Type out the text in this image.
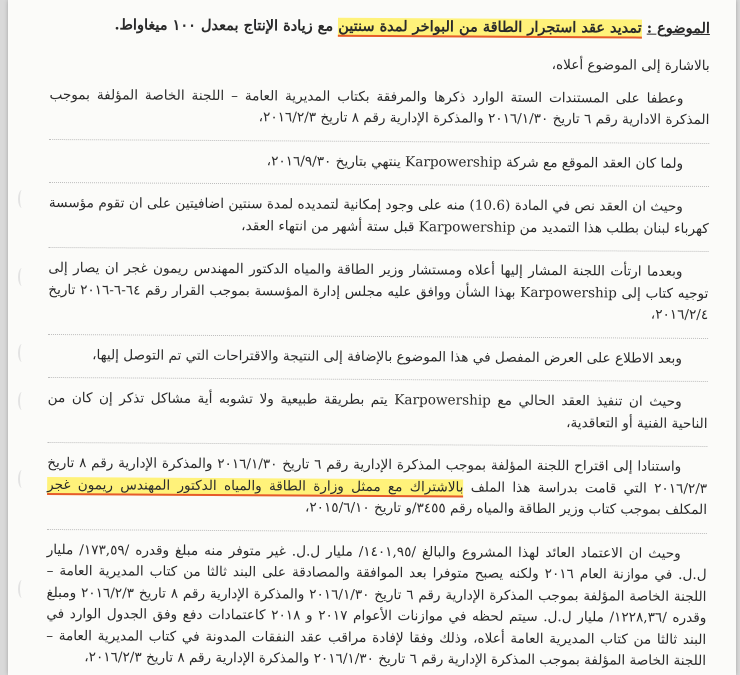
الموضوع : تمديد عقد استجرار الطاقة من البواخر لمدة سنتين مع زيادة الإنتاج بمعدل ١٠٠ ميغاواط.

بالاشارة إلى الموضوع أعلاه،

وعطفا على المستندات الستة الوارد ذكرها والمرفقة بكتاب المديرية العامة – اللجنة الخاصة المؤلفة بموجب المذكرة الادارية رقم ٦ تاريخ ٢٠١٦/١/٣٠ والمذكرة الإدارية رقم ٨ تاريخ ٢٠١٦/٢/٣،

ولما كان العقد الموقع مع شركة Karpowership ينتهي بتاريخ ٢٠١٦/٩/٣٠،

وحيث ان العقد نص في المادة (10.6) منه على وجود إمكانية لتمديده لمدة سنتين اضافيتين على ان تقوم مؤسسة كهرباء لبنان بطلب هذا التمديد من Karpowership قبل ستة أشهر من انتهاء العقد،

وبعدما ارتأت اللجنة المشار إليها أعلاه ومستشار وزير الطاقة والمياه الدكتور المهندس ريمون غجر ان يصار إلى توجيه كتاب إلى Karpowership بهذا الشأن ووافق عليه مجلس إدارة المؤسسة بموجب القرار رقم ٦٤-٦-٢٠١٦ تاريخ ٢٠١٦/٢/٤،

وبعد الاطلاع على العرض المفصل في هذا الموضوع بالإضافة إلى النتيجة والاقتراحات التي تم التوصل إليها،

وحيث ان تنفيذ العقد الحالي مع Karpowership يتم بطريقة طبيعية ولا تشوبه أية مشاكل تذكر إن كان من الناحية الفنية أو التعاقدية،

واستنادا إلى اقتراح اللجنة المؤلفة بموجب المذكرة الإدارية رقم ٦ تاريخ ٢٠١٦/١/٣٠ والمذكرة الإدارية رقم ٨ تاريخ ٢٠١٦/٢/٣ التي قامت بدراسة هذا الملف بالاشتراك مع ممثل وزارة الطاقة والمياه الدكتور المهندس ريمون غجر المكلف بموجب كتاب وزير الطاقة والمياه رقم ٣٤٥٥/و تاريخ ٢٠١٥/٦/١٠،

وحيث ان الاعتماد العائد لهذا المشروع والبالغ /١٤٠١,٩٥/ مليار ل.ل. غير متوفر منه مبلغ وقدره /١٧٣,٥٩/ مليار ل.ل. في موازنة العام ٢٠١٦ ولكنه يصبح متوفرا بعد الموافقة والمصادقة على البند ثالثا من كتاب المديرية العامة – اللجنة الخاصة المؤلفة بموجب المذكرة الإدارية رقم ٦ تاريخ ٢٠١٦/١/٣٠ والمذكرة الإدارية رقم ٨ تاريخ ٢٠١٦/٢/٣ ومبلغ وقدره /١٢٢٨,٣٦/ مليار ل.ل. سيتم لحظه في موازنات الأعوام ٢٠١٧ و ٢٠١٨ كاعتمادات دفع وفق الجدول الوارد في البند ثالثا من كتاب المديرية العامة أعلاه، وذلك وفقا لإفادة مراقب عقد النفقات المدونة في كتاب المديرية العامة – اللجنة الخاصة المؤلفة بموجب المذكرة الإدارية رقم ٦ تاريخ ٢٠١٦/١/٣٠ والمذكرة الإدارية رقم ٨ تاريخ ٢٠١٦/٢/٣،
